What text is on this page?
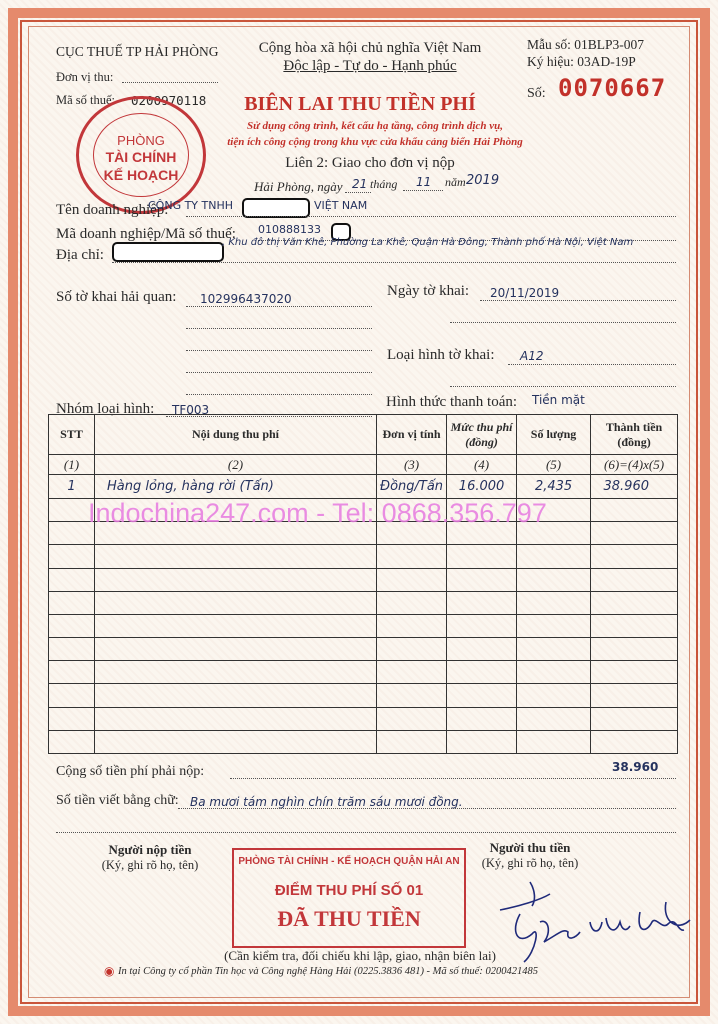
CỤC THUẾ TP HẢI PHÒNG
Đơn vị thu:
Mã số thuế: 0200970118
Cộng hòa xã hội chủ nghĩa Việt Nam
Độc lập - Tự do - Hạnh phúc
Mẫu số: 01BLP3-007
Ký hiệu: 03AD-19P
Số: 0070667
BIÊN LAI THU TIỀN PHÍ
Sử dụng công trình, kết cấu hạ tầng, công trình dịch vụ,
tiện ích công cộng trong khu vực cửa khẩu cảng biển Hải Phòng
Liên 2: Giao cho đơn vị nộp
Hải Phòng, ngày 21 tháng 11 năm 2019
PHÒNG
TÀI CHÍNH
KẾ HOẠCH
Tên doanh nghiệp:
CÔNG TY TNHH	VIỆT NAM
Mã doanh nghiệp/Mã số thuế: 010888133
Địa chỉ:
, Khu đô thị Văn Khê, Phường La Khê, Quận Hà Đông, Thành phố Hà Nội, Việt Nam
Số tờ khai hải quan: 102996437020	Ngày tờ khai: 20/11/2019
Loại hình tờ khai: A12
Nhóm loại hình: TF003	Hình thức thanh toán: Tiền mặt
STT	Nội dung thu phí	Đơn vị tính	Mức thu phí (đồng)	Số lượng	Thành tiền (đồng)
(1)	(2)	(3)	(4)	(5)	(6)=(4)x(5)
1	Hàng lỏng, hàng rời (Tấn)	Đồng/Tấn	16.000	2,435	38.960

Indochina247.com - Tel: 0868.356.797
Cộng số tiền phí phải nộp:	38.960
Số tiền viết bằng chữ: Ba mươi tám nghìn chín trăm sáu mươi đồng.
Người nộp tiền
(Ký, ghi rõ họ, tên)
Người thu tiền
(Ký, ghi rõ họ, tên)
PHÒNG TÀI CHÍNH - KẾ HOẠCH QUẬN HẢI AN
ĐIỂM THU PHÍ SỐ 01
ĐÃ THU TIỀN
(Cần kiểm tra, đối chiếu khi lập, giao, nhận biên lai)
◉ In tại Công ty cổ phần Tin học và Công nghệ Hàng Hải (0225.3836 481) - Mã số thuế: 0200421485
